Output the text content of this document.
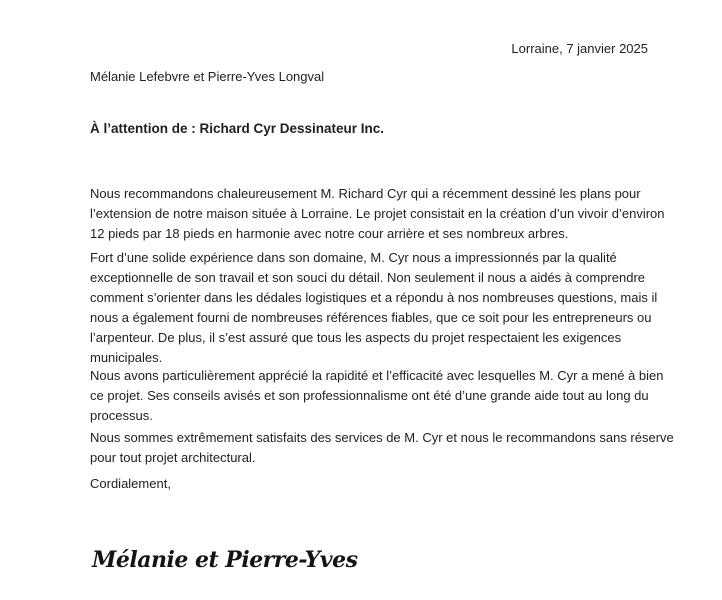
Lorraine, 7 janvier 2025
Mélanie Lefebvre et Pierre-Yves Longval
À l’attention de : Richard Cyr Dessinateur Inc.
Nous recommandons chaleureusement M. Richard Cyr qui a récemment dessiné les plans pour
l’extension de notre maison située à Lorraine. Le projet consistait en la création d’un vivoir d’environ
12 pieds par 18 pieds en harmonie avec notre cour arrière et ses nombreux arbres.
Fort d’une solide expérience dans son domaine, M. Cyr nous a impressionnés par la qualité
exceptionnelle de son travail et son souci du détail. Non seulement il nous a aidés à comprendre
comment s’orienter dans les dédales logistiques et a répondu à nos nombreuses questions, mais il
nous a également fourni de nombreuses références fiables, que ce soit pour les entrepreneurs ou
l’arpenteur. De plus, il s’est assuré que tous les aspects du projet respectaient les exigences
municipales.
Nous avons particulièrement apprécié la rapidité et l’efficacité avec lesquelles M. Cyr a mené à bien
ce projet. Ses conseils avisés et son professionnalisme ont été d’une grande aide tout au long du
processus.
Nous sommes extrêmement satisfaits des services de M. Cyr et nous le recommandons sans réserve
pour tout projet architectural.
Cordialement,
Mélanie et Pierre-Yves
